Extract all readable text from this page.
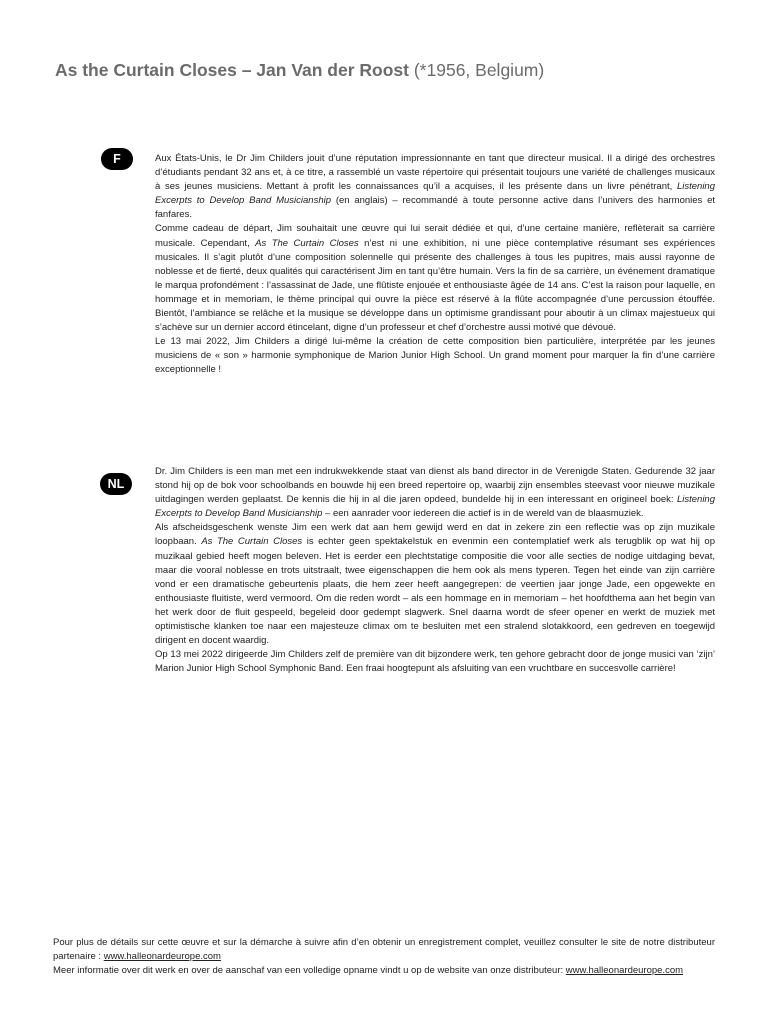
As the Curtain Closes – Jan Van der Roost (*1956, Belgium)
F	Aux États-Unis, le Dr Jim Childers jouit d’une réputation impressionnante en tant que directeur musical. Il a dirigé des orchestres d’étudiants pendant 32 ans et, à ce titre, a rassemblé un vaste répertoire qui présentait toujours une variété de challenges musicaux à ses jeunes musiciens. Mettant à profit les connaissances qu’il a acquises, il les présente dans un livre pénétrant, Listening Excerpts to Develop Band Musicianship (en anglais) – recommandé à toute personne active dans l’univers des harmonies et fanfares.

Comme cadeau de départ, Jim souhaitait une œuvre qui lui serait dédiée et qui, d’une certaine manière, reflèterait sa carrière musicale. Cependant, As The Curtain Closes n’est ni une exhibition, ni une pièce contemplative résumant ses expériences musicales. Il s’agit plutôt d’une composition solennelle qui présente des challenges à tous les pupitres, mais aussi rayonne de noblesse et de fierté, deux qualités qui caractérisent Jim en tant qu’être humain. Vers la fin de sa carrière, un événement dramatique le marqua profondément : l’assassinat de Jade, une flûtiste enjouée et enthousiaste âgée de 14 ans. C’est la raison pour laquelle, en hommage et in memoriam, le thème principal qui ouvre la pièce est réservé à la flûte accompagnée d’une percussion étouffée. Bientôt, l’ambiance se relâche et la musique se développe dans un optimisme grandissant pour aboutir à un climax majestueux qui s’achève sur un dernier accord étincelant, digne d’un professeur et chef d’orchestre aussi motivé que dévoué.

Le 13 mai 2022, Jim Childers a dirigé lui-même la création de cette composition bien particulière, interprétée par les jeunes musiciens de « son » harmonie symphonique de Marion Junior High School. Un grand moment pour marquer la fin d’une carrière exceptionnelle !

NL

Dr. Jim Childers is een man met een indrukwekkende staat van dienst als band director in de Verenigde Staten. Gedurende 32 jaar stond hij op de bok voor schoolbands en bouwde hij een breed repertoire op, waarbij zijn ensembles steevast voor nieuwe muzikale uitdagingen werden geplaatst. De kennis die hij in al die jaren opdeed, bundelde hij in een interessant en origineel boek: Listening Excerpts to Develop Band Musicianship – een aanrader voor iedereen die actief is in de wereld van de blaasmuziek.

Als afscheidsgeschenk wenste Jim een werk dat aan hem gewijd werd en dat in zekere zin een reflectie was op zijn muzikale loopbaan. As The Curtain Closes is echter geen spektakelstuk en evenmin een contemplatief werk als terugblik op wat hij op muzikaal gebied heeft mogen beleven. Het is eerder een plechtstatige compositie die voor alle secties de nodige uitdaging bevat, maar die vooral noblesse en trots uitstraalt, twee eigenschappen die hem ook als mens typeren. Tegen het einde van zijn carrière vond er een dramatische gebeurtenis plaats, die hem zeer heeft aangegrepen: de veertien jaar jonge Jade, een opgewekte en enthousiaste fluitiste, werd vermoord. Om die reden wordt – als een hommage en in memoriam – het hoofdthema aan het begin van het werk door de fluit gespeeld, begeleid door gedempt slagwerk. Snel daarna wordt de sfeer opener en werkt de muziek met optimistische klanken toe naar een majesteuze climax om te besluiten met een stralend slotakkoord, een gedreven en toegewijd dirigent en docent waardig.

Op 13 mei 2022 dirigeerde Jim Childers zelf de première van dit bijzondere werk, ten gehore gebracht door de jonge musici van ‘zijn’ Marion Junior High School Symphonic Band. Een fraai hoogtepunt als afsluiting van een vruchtbare en succesvolle carrière!

Pour plus de détails sur cette œuvre et sur la démarche à suivre afin d’en obtenir un enregistrement complet, veuillez consulter le site de notre distributeur partenaire : www.halleonardeurope.com

Meer informatie over dit werk en over de aanschaf van een volledige opname vindt u op de website van onze distributeur: www.halleonardeurope.com
